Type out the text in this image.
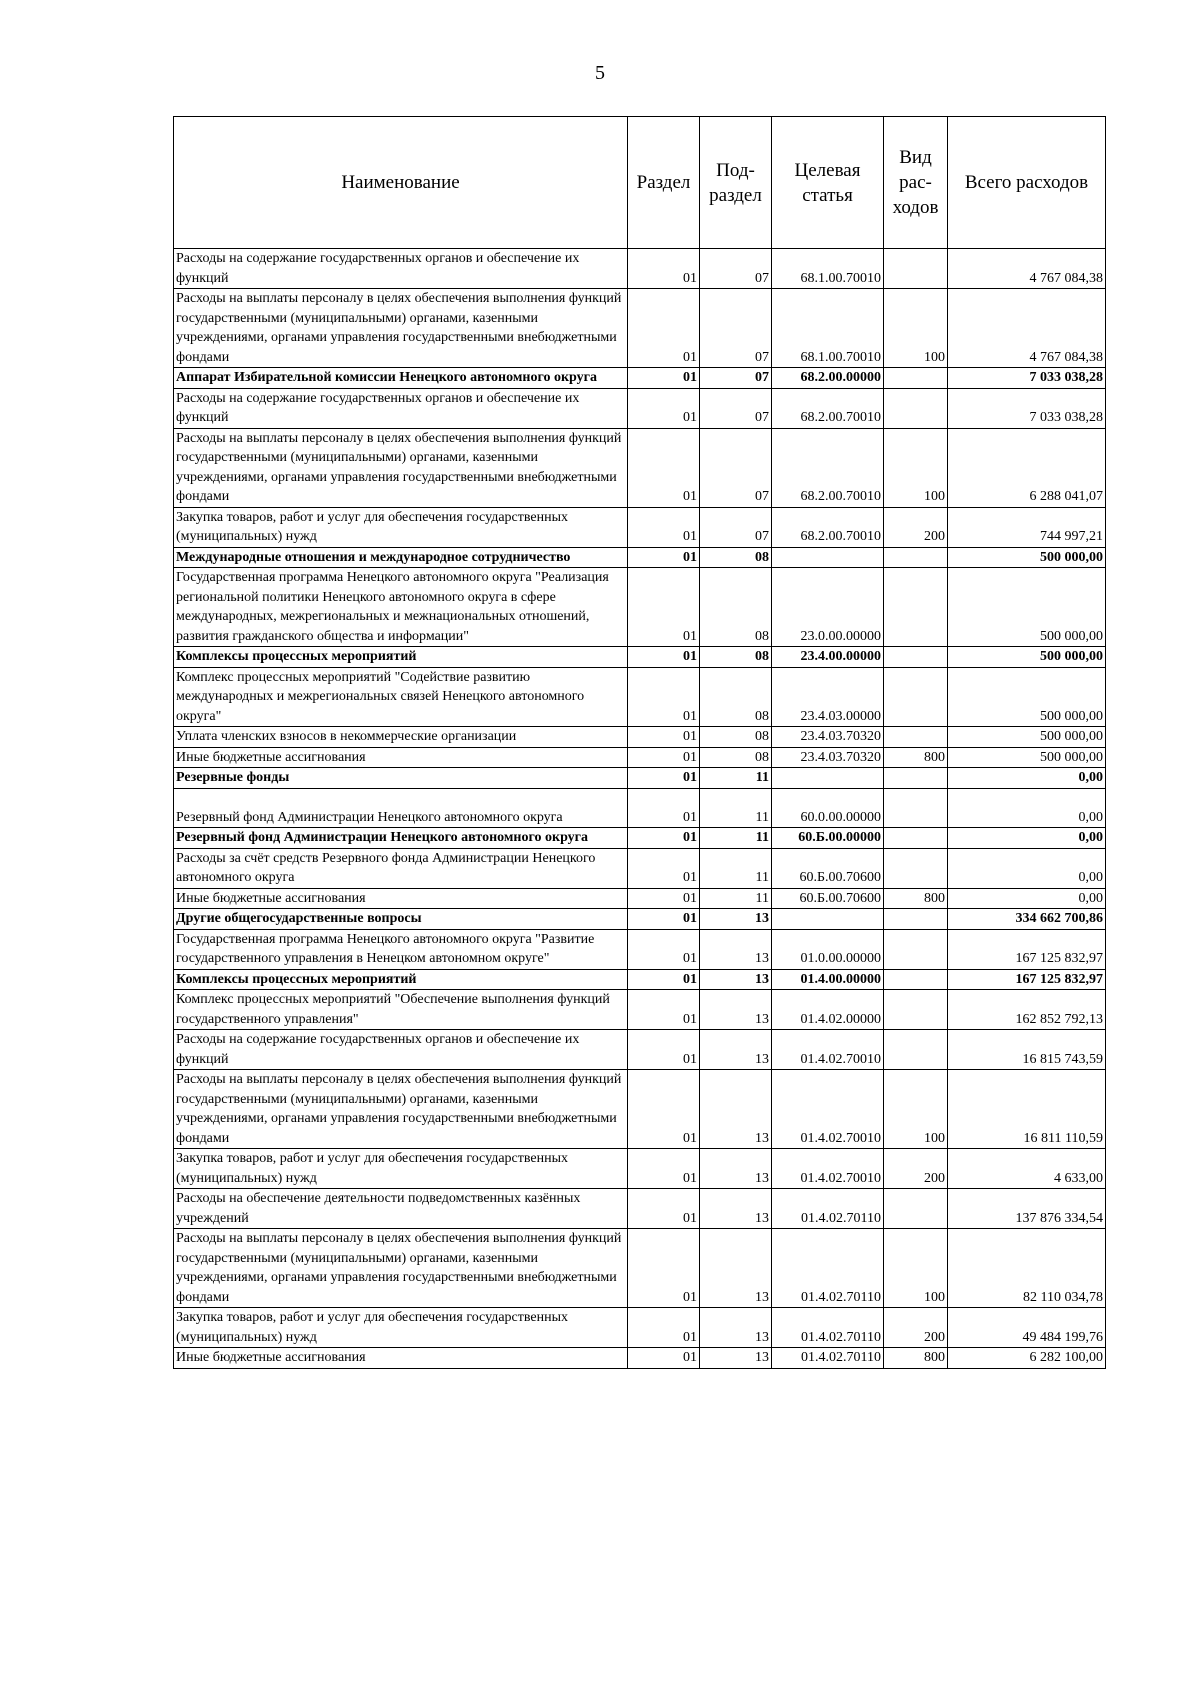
5
Наименование	Раздел	Под-раздел	Целевая статья	Вид рас-ходов	Всего расходов
Расходы на содержание государственных органов и обеспечение их функций	01	07	68.1.00.70010		4 767 084,38
Расходы на выплаты персоналу в целях обеспечения выполнения функций государственными (муниципальными) органами, казенными учреждениями, органами управления государственными внебюджетными фондами	01	07	68.1.00.70010	100	4 767 084,38
Аппарат Избирательной комиссии Ненецкого автономного округа	01	07	68.2.00.00000		7 033 038,28
Расходы на содержание государственных органов и обеспечение их функций	01	07	68.2.00.70010		7 033 038,28
Расходы на выплаты персоналу в целях обеспечения выполнения функций государственными (муниципальными) органами, казенными учреждениями, органами управления государственными внебюджетными фондами	01	07	68.2.00.70010	100	6 288 041,07
Закупка товаров, работ и услуг для обеспечения государственных (муниципальных) нужд	01	07	68.2.00.70010	200	744 997,21
Международные отношения и международное сотрудничество	01	08			500 000,00
Государственная программа Ненецкого автономного округа "Реализация региональной политики Ненецкого автономного округа в сфере международных, межрегиональных и межнациональных отношений, развития гражданского общества и информации"	01	08	23.0.00.00000		500 000,00
Комплексы процессных мероприятий	01	08	23.4.00.00000		500 000,00
Комплекс процессных мероприятий "Содействие развитию международных и межрегиональных связей Ненецкого автономного округа"	01	08	23.4.03.00000		500 000,00
Уплата членских взносов в некоммерческие организации	01	08	23.4.03.70320		500 000,00
Иные бюджетные ассигнования	01	08	23.4.03.70320	800	500 000,00
Резервные фонды	01	11			0,00
Резервный фонд Администрации Ненецкого автономного округа	01	11	60.0.00.00000		0,00
Резервный фонд Администрации Ненецкого автономного округа	01	11	60.Б.00.00000		0,00
Расходы за счёт средств Резервного фонда Администрации Ненецкого автономного округа	01	11	60.Б.00.70600		0,00
Иные бюджетные ассигнования	01	11	60.Б.00.70600	800	0,00
Другие общегосударственные вопросы	01	13			334 662 700,86
Государственная программа Ненецкого автономного округа "Развитие государственного управления в Ненецком автономном округе"	01	13	01.0.00.00000		167 125 832,97
Комплексы процессных мероприятий	01	13	01.4.00.00000		167 125 832,97
Комплекс процессных мероприятий "Обеспечение выполнения функций государственного управления"	01	13	01.4.02.00000		162 852 792,13
Расходы на содержание государственных органов и обеспечение их функций	01	13	01.4.02.70010		16 815 743,59
Расходы на выплаты персоналу в целях обеспечения выполнения функций государственными (муниципальными) органами, казенными учреждениями, органами управления государственными внебюджетными фондами	01	13	01.4.02.70010	100	16 811 110,59
Закупка товаров, работ и услуг для обеспечения государственных (муниципальных) нужд	01	13	01.4.02.70010	200	4 633,00
Расходы на обеспечение деятельности подведомственных казённых учреждений	01	13	01.4.02.70110		137 876 334,54
Расходы на выплаты персоналу в целях обеспечения выполнения функций государственными (муниципальными) органами, казенными учреждениями, органами управления государственными внебюджетными фондами	01	13	01.4.02.70110	100	82 110 034,78
Закупка товаров, работ и услуг для обеспечения государственных (муниципальных) нужд	01	13	01.4.02.70110	200	49 484 199,76
Иные бюджетные ассигнования	01	13	01.4.02.70110	800	6 282 100,00
